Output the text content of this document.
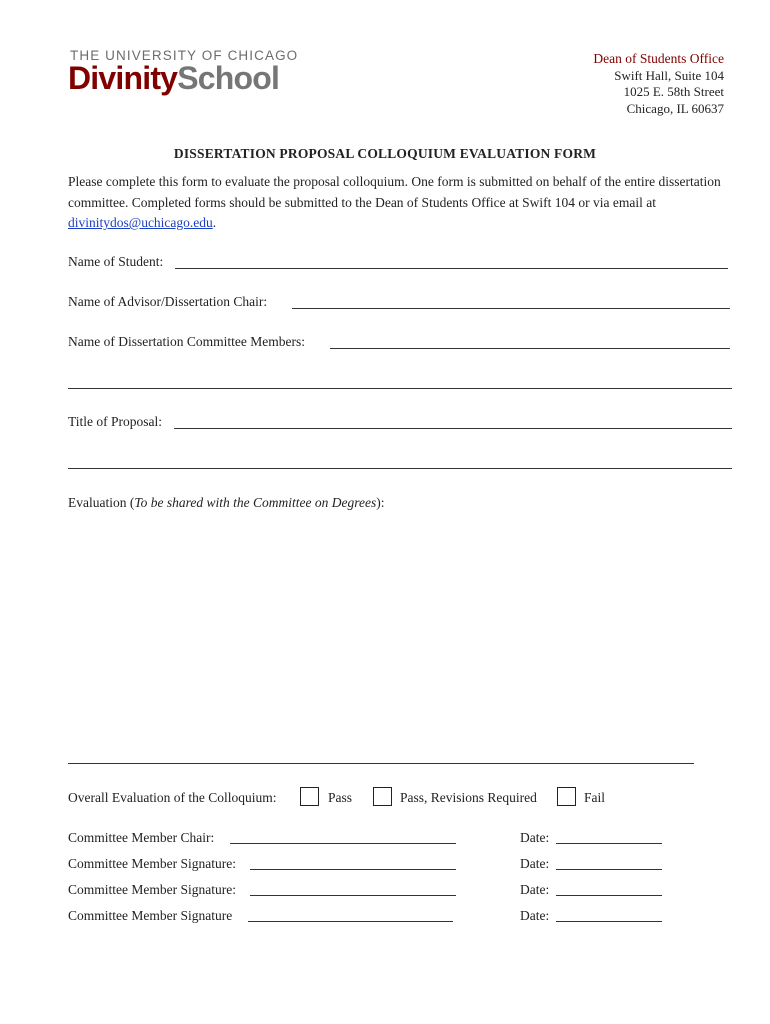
THE UNIVERSITY OF CHICAGO
DivinitySchool
Dean of Students Office
Swift Hall, Suite 104
1025 E. 58th Street
Chicago, IL 60637
DISSERTATION PROPOSAL COLLOQUIUM EVALUATION FORM
Please complete this form to evaluate the proposal colloquium. One form is submitted on behalf of the entire dissertation committee. Completed forms should be submitted to the Dean of Students Office at Swift 104 or via email at divinitydos@uchicago.edu.
Name of Student:
Name of Advisor/Dissertation Chair:
Name of Dissertation Committee Members:
Title of Proposal:
Evaluation (To be shared with the Committee on Degrees):
Overall Evaluation of the Colloquium:	Pass	Pass, Revisions Required	Fail
Committee Member Chair:	Date:
Committee Member Signature:	Date:
Committee Member Signature:	Date:
Committee Member Signature	Date:
